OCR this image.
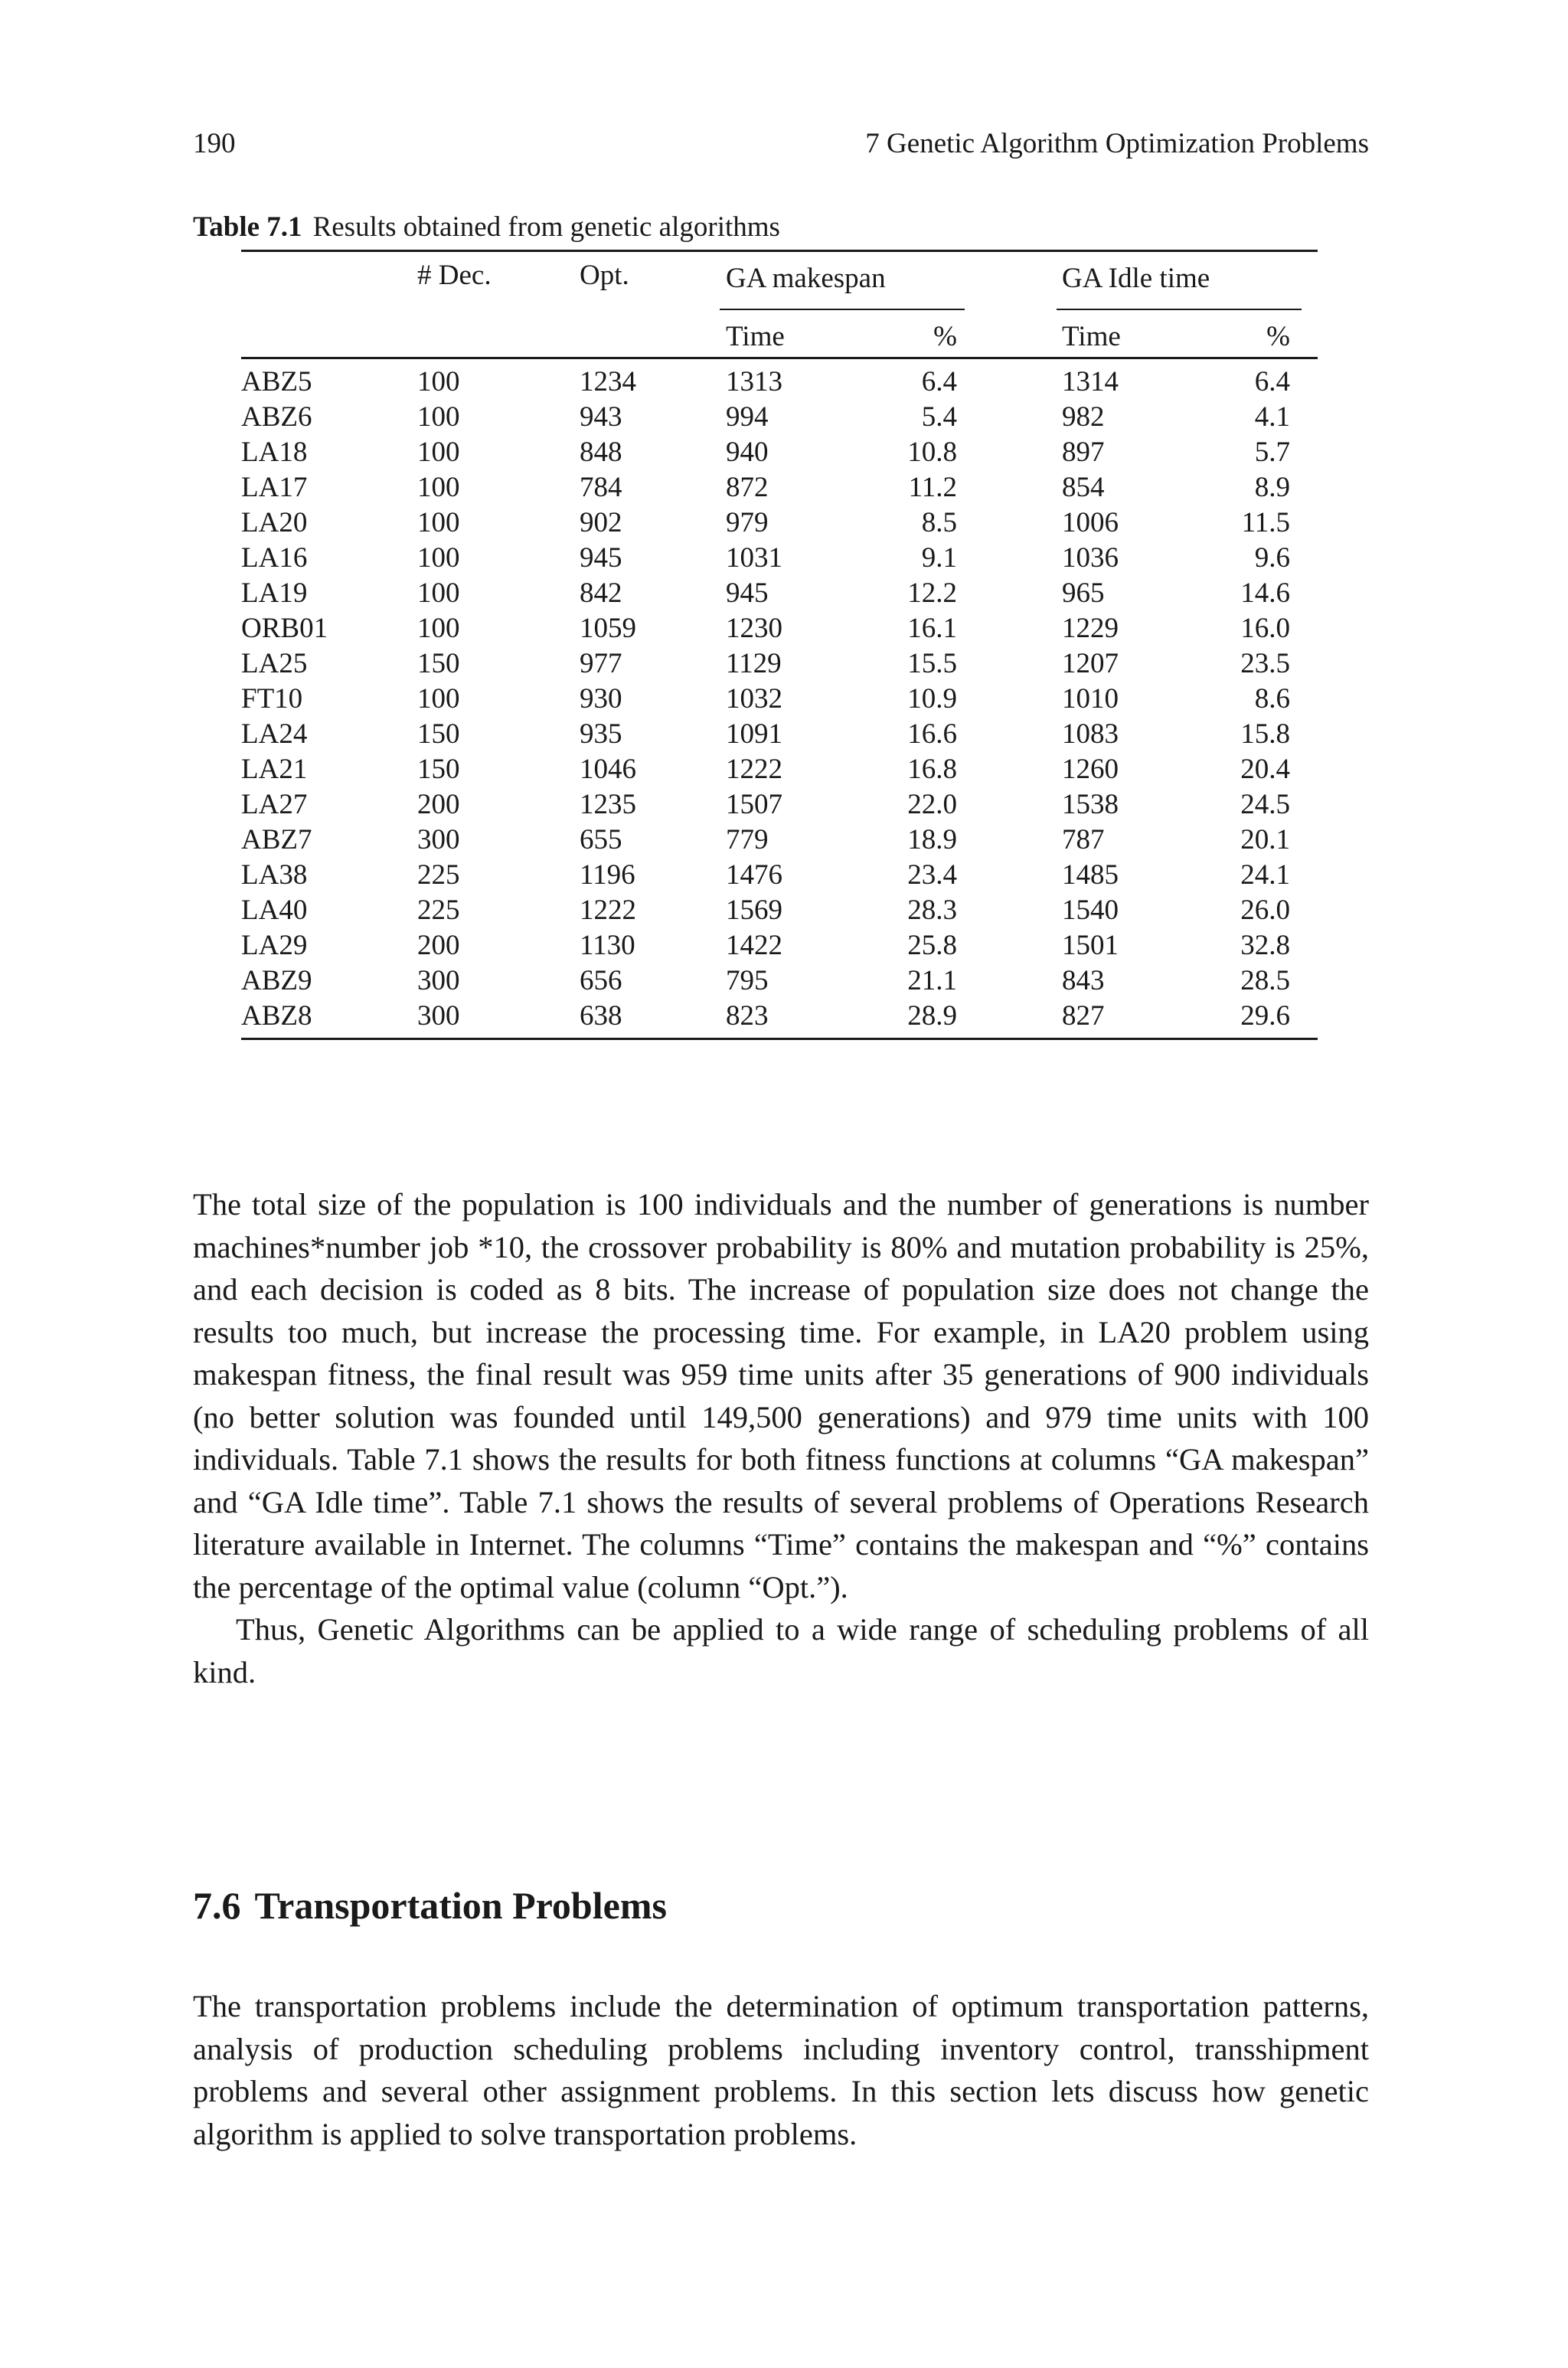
190	7 Genetic Algorithm Optimization Problems
Table 7.1 Results obtained from genetic algorithms
# Dec.	Opt.	GA makespan	GA Idle time
Time	%	Time	%
ABZ5	100	1234	1313	6.4	1314	6.4
ABZ6	100	943	994	5.4	982	4.1
LA18	100	848	940	10.8	897	5.7
LA17	100	784	872	11.2	854	8.9
LA20	100	902	979	8.5	1006	11.5
LA16	100	945	1031	9.1	1036	9.6
LA19	100	842	945	12.2	965	14.6
ORB01	100	1059	1230	16.1	1229	16.0
LA25	150	977	1129	15.5	1207	23.5
FT10	100	930	1032	10.9	1010	8.6
LA24	150	935	1091	16.6	1083	15.8
LA21	150	1046	1222	16.8	1260	20.4
LA27	200	1235	1507	22.0	1538	24.5
ABZ7	300	655	779	18.9	787	20.1
LA38	225	1196	1476	23.4	1485	24.1
LA40	225	1222	1569	28.3	1540	26.0
LA29	200	1130	1422	25.8	1501	32.8
ABZ9	300	656	795	21.1	843	28.5
ABZ8	300	638	823	28.9	827	29.6

The total size of the population is 100 individuals and the number of generations is number machines*number job *10, the crossover probability is 80% and mutation probability is 25%, and each decision is coded as 8 bits. The increase of population size does not change the results too much, but increase the processing time. For example, in LA20 problem using makespan fitness, the final result was 959 time units after 35 generations of 900 individuals (no better solution was founded until 149,500 generations) and 979 time units with 100 individuals. Table 7.1 shows the results for both fitness functions at columns “GA makespan” and “GA Idle time”. Table 7.1 shows the results of several problems of Operations Research literature available in Internet. The columns “Time” contains the makespan and “%” contains the percentage of the optimal value (column “Opt.”).

Thus, Genetic Algorithms can be applied to a wide range of scheduling problems of all kind.

7.6 Transportation Problems

The transportation problems include the determination of optimum transportation patterns, analysis of production scheduling problems including inventory control, transshipment problems and several other assignment problems. In this section lets discuss how genetic algorithm is applied to solve transportation problems.
